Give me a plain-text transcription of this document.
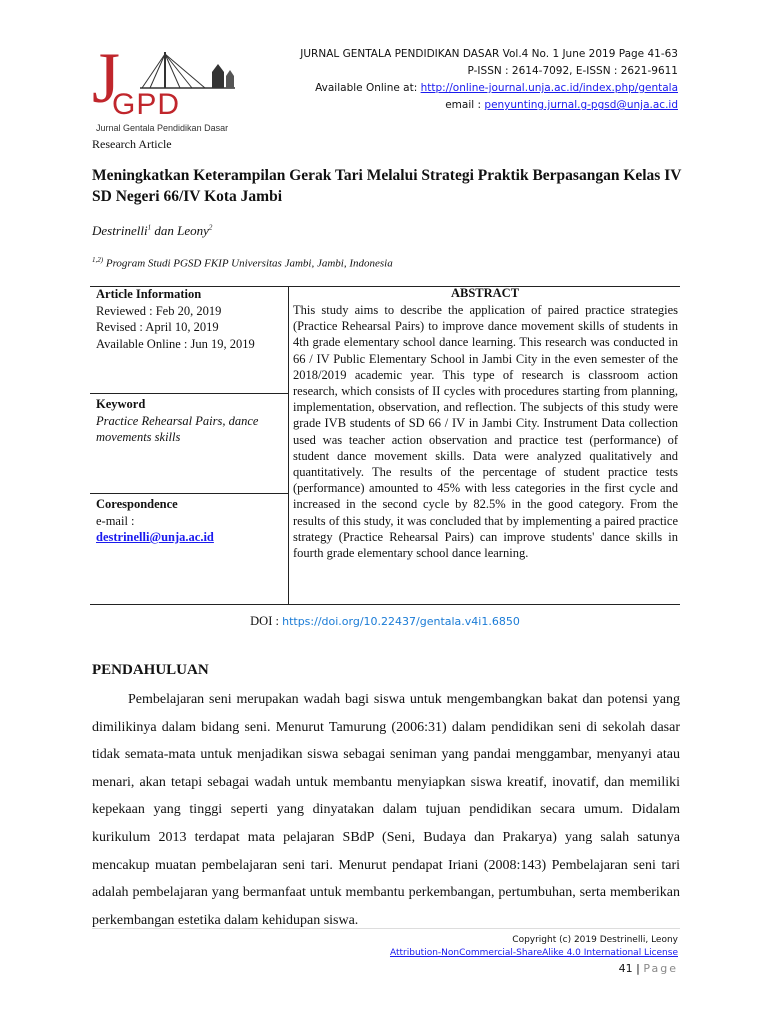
J
GPD
Jurnal Gentala Pendidikan Dasar
JURNAL GENTALA PENDIDIKAN DASAR Vol.4 No. 1 June 2019 Page 41-63
P-ISSN : 2614-7092, E-ISSN : 2621-9611
Available Online at: http://online-journal.unja.ac.id/index.php/gentala
email : penyunting.jurnal.g-pgsd@unja.ac.id
Research Article
Meningkatkan Keterampilan Gerak Tari Melalui Strategi Praktik Berpasangan Kelas IV SD Negeri 66/IV Kota Jambi
Destrinelli$^1$ dan Leony$^2$
$^{1,2)}$ Program Studi PGSD FKIP Universitas Jambi, Jambi, Indonesia
Article Information
Reviewed : Feb 20, 2019
Revised : April 10, 2019
Available Online : Jun 19, 2019
Keyword
Practice Rehearsal Pairs, dance movements skills
Corespondence
e-mail :
destrinelli@unja.ac.id
ABSTRACT
This study aims to describe the application of paired practice strategies (Practice Rehearsal Pairs) to improve dance movement skills of students in 4th grade elementary school dance learning. This research was conducted in 66 / IV Public Elementary School in Jambi City in the even semester of the 2018/2019 academic year. This type of research is classroom action research, which consists of II cycles with procedures starting from planning, implementation, observation, and reflection. The subjects of this study were grade IVB students of SD 66 / IV in Jambi City. Instrument Data collection used was teacher action observation and practice test (performance) of student dance movement skills. Data were analyzed qualitatively and quantitatively. The results of the percentage of student practice tests (performance) amounted to 45% with less categories in the first cycle and increased in the second cycle by 82.5% in the good category. From the results of this study, it was concluded that by implementing a paired practice strategy (Practice Rehearsal Pairs) can improve students' dance skills in fourth grade elementary school dance learning.
DOI : https://doi.org/10.22437/gentala.v4i1.6850
PENDAHULUAN
Pembelajaran seni merupakan wadah bagi siswa untuk mengembangkan bakat dan potensi yang dimilikinya dalam bidang seni. Menurut Tamurung (2006:31) dalam pendidikan seni di sekolah dasar tidak semata-mata untuk menjadikan siswa sebagai seniman yang pandai menggambar, menyanyi atau menari, akan tetapi sebagai wadah untuk membantu menyiapkan siswa kreatif, inovatif, dan memiliki kepekaan yang tinggi seperti yang dinyatakan dalam tujuan pendidikan secara umum. Didalam kurikulum 2013 terdapat mata pelajaran SBdP (Seni, Budaya dan Prakarya) yang salah satunya mencakup muatan pembelajaran seni tari. Menurut pendapat Iriani (2008:143) Pembelajaran seni tari adalah pembelajaran yang bermanfaat untuk membantu perkembangan, pertumbuhan, serta memberikan perkembangan estetika dalam kehidupan siswa.
Copyright (c) 2019 Destrinelli, Leony
Attribution-NonCommercial-ShareAlike 4.0 International License
41 | Page
